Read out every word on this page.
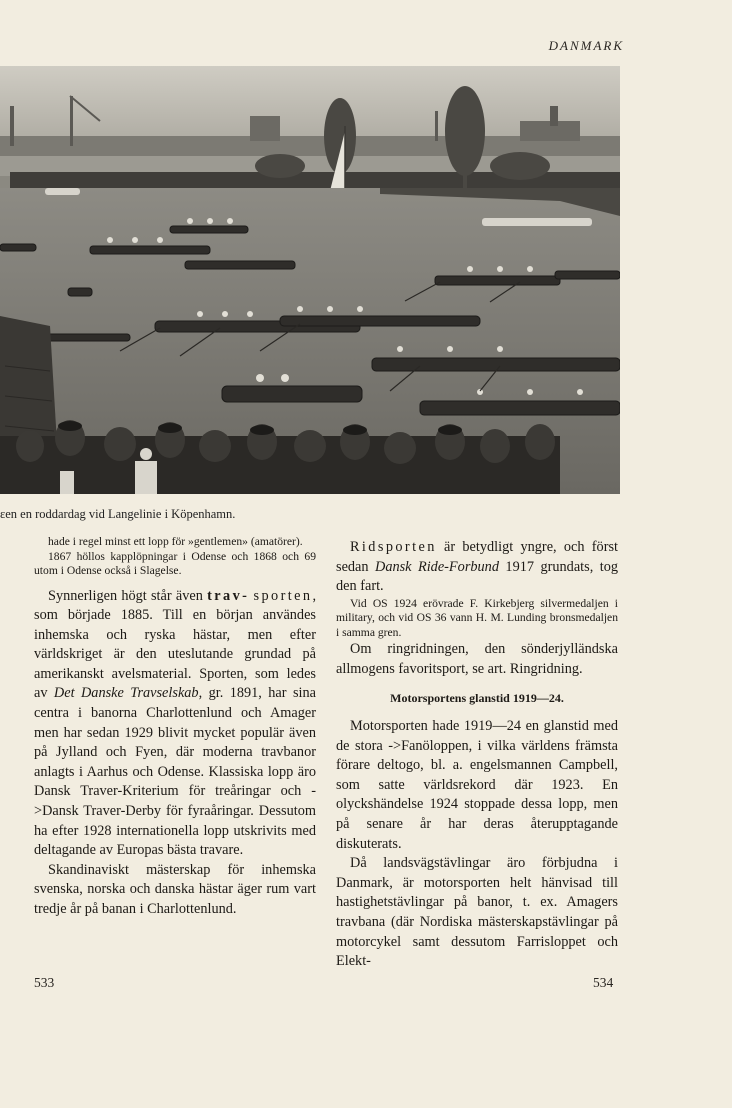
DANMARK
ɛen en roddardag vid Langelinie i Köpenhamn.

hade i regel minst ett lopp för »gentlemen» (amatörer).

1867 höllos kapplöpningar i Odense och 1868 och 69 utom i Odense också i Slagelse.

Synnerligen högt står även trav- sporten, som började 1885. Till en början användes inhemska och ryska hästar, men efter världskriget är den uteslutande grundad på amerikanskt avelsmaterial. Sporten, som ledes av Det Danske Travselskab, gr. 1891, har sina centra i banorna Charlottenlund och Amager men har sedan 1929 blivit mycket populär även på Jylland och Fyen, där moderna travbanor anlagts i Aarhus och Odense. Klassiska lopp äro Dansk Traver-Kriterium för treåringar och ->Dansk Traver-Derby för fyraåringar. Dessutom ha efter 1928 internationella lopp utskrivits med deltagande av Europas bästa travare.

Skandinaviskt mästerskap för inhemska svenska, norska och danska hästar äger rum vart tredje år på banan i Charlottenlund.

Ridsporten är betydligt yngre, och först sedan Dansk Ride-Forbund 1917 grundats, tog den fart.

Vid OS 1924 erövrade F. Kirkebjerg silvermedaljen i military, och vid OS 36 vann H. M. Lunding bronsmedaljen i samma gren.

Om ringridningen, den sönderjylländska allmogens favoritsport, se art. Ringridning.

Motorsportens glanstid 1919—24.

Motorsporten hade 1919—24 en glanstid med de stora ->Fanöloppen, i vilka världens främsta förare deltogo, bl. a. engelsmannen Campbell, som satte världsrekord där 1923. En olyckshändelse 1924 stoppade dessa lopp, men på senare år har deras återupptagande diskuterats.

Då landsvägstävlingar äro förbjudna i Danmark, är motorsporten helt hänvisad till hastighetstävlingar på banor, t. ex. Amagers travbana (där Nordiska mästerskapstävlingar på motorcykel samt dessutom Farrisloppet och Elekt-

533	534
